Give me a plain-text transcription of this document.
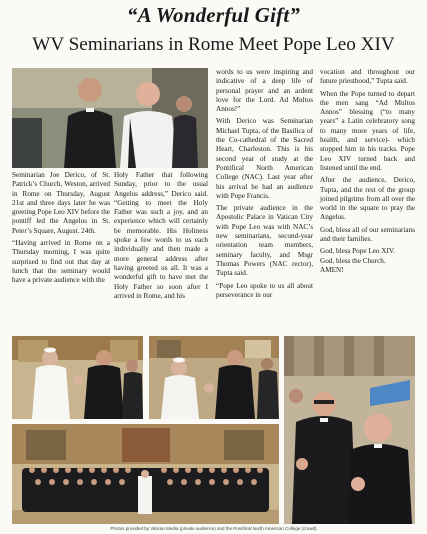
“A Wonderful Gift”
WV Seminarians in Rome Meet Pope Leo XIV

Seminarian Joe Derico, of St. Patrick’s Church, Weston, arrived in Rome on Thursday, August 21st and three days later he was greeting Pope Leo XIV before the pontiff led the Angelus in St. Peter’s Square, August. 24th.

“Having arrived in Rome on a Thursday morning, I was quite surprised to find out that day at lunch that the seminary would have a private audience with the

Holy Father that following Sunday, prior to the usual Angelus address,” Derico said. “Getting to meet the Holy Father was such a joy, and an experience which will certainly be memorable. His Holiness spoke a few words to us each individually and then made a more general address after having greeted us all. It was a wonderful gift to have met the Holy Father so soon after I arrived in Rome, and his

words to us were inspiring and indicative of a deep life of personal prayer and an ardent love for the Lord. Ad Multos Annos!”

With Derico was Seminarian Michael Tupta, of the Basilica of the Co-cathedral of the Sacred Heart, Charleston. This is his second year of study at the Pontifical North American College (NAC). Last year after his arrival he had an audience with Pope Francis.

The private audience in the Apostolic Palace in Vatican City with Pope Leo was with NAC’s new seminarians, second-year orientation team members, seminary faculty, and Msgr Thomas Powers (NAC rector), Tupta said.

“Pope Leo spoke to us all about perseverance in our

vocation and throughout our future priesthood,” Tupta said.

When the Pope turned to depart the men sang “Ad Multos Annos” blessing (“to many years” a Latin celebratory song to many more years of life, health, and service)- which stopped him in his tracks. Pope Leo XIV turned back and listened until the end.

After the audience, Derico, Tupta, and the rest of the group joined pilgrims from all over the world in the square to pray the Angelus.

God, bless all of our seminarians and their families.

God, bless Pope Leo XIV.

God, bless the Church.

AMEN!

Photos provided by Vatican Media (private audience) and the Pontifical North American College (crowd)
